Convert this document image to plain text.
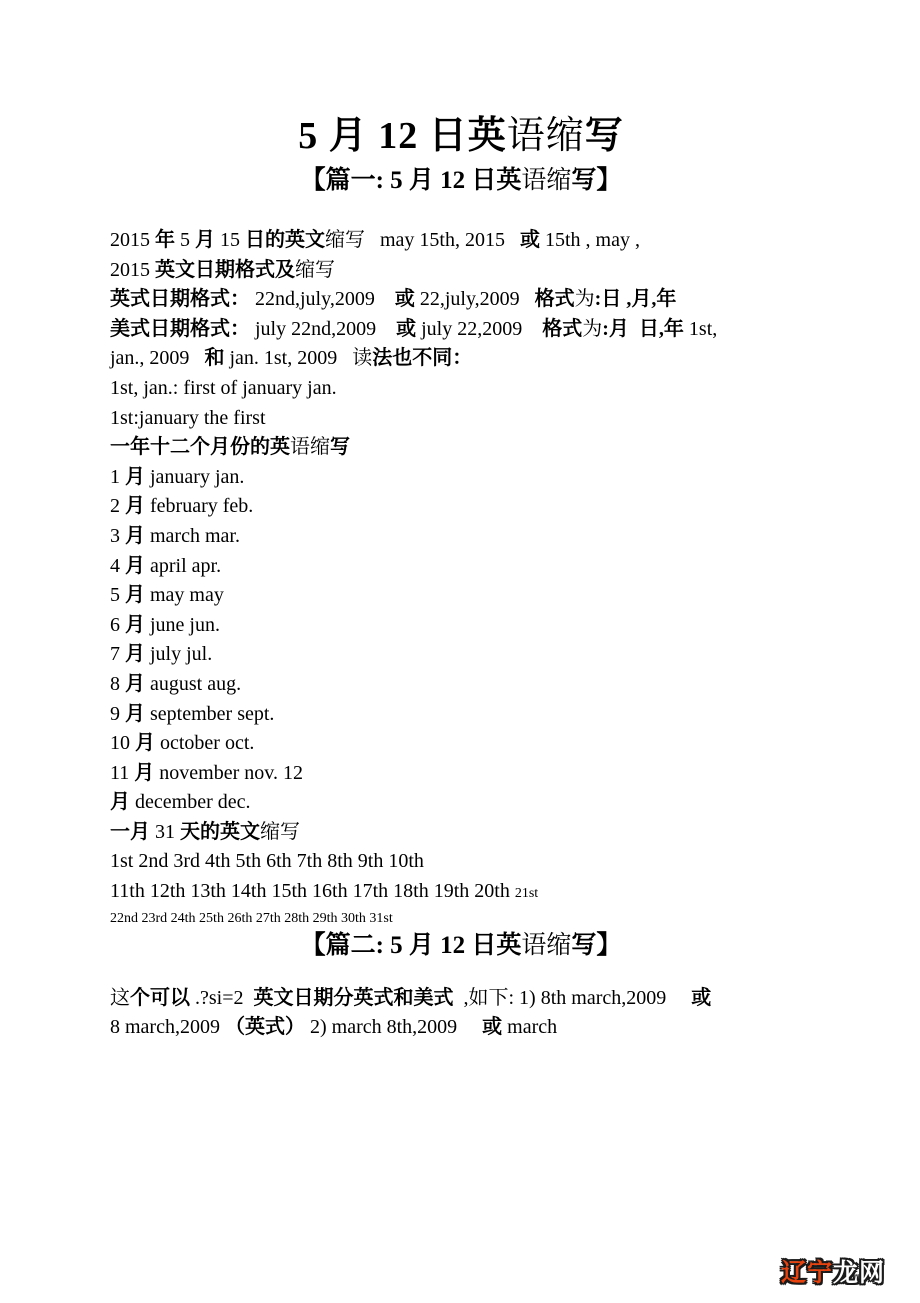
5 月 12 日英语缩写
【篇一: 5 月 12 日英语缩写】
2015 年 5 月 15 日的英文缩写   may 15th, 2015   或 15th , may ,
2015 英文日期格式及缩写
英式日期格式： 22nd,july,2009    或 22,july,2009   格式为:日 ,月,年
美式日期格式： july 22nd,2009    或 july 22,2009    格式为:月  日,年 1st,
jan., 2009   和 jan. 1st, 2009   读法也不同：
1st, jan.: first of january jan.
1st:january the first
一年十二个月份的英语缩写
1 月 january jan.
2 月 february feb.
3 月 march mar.
4 月 april apr.
5 月 may may
6 月 june jun.
7 月 july jul.
8 月 august aug.
9 月 september sept.
10 月 october oct.
11 月 november nov. 12
月 december dec.
一月 31 天的英文缩写
1st 2nd 3rd 4th 5th 6th 7th 8th 9th 10th
11th 12th 13th 14th 15th 16th 17th 18th 19th 20th 21st
22nd 23rd 24th 25th 26th 27th 28th 29th 30th 31st
【篇二: 5 月 12 日英语缩写】
这个可以 .?si=2  英文日期分英式和美式  ,如下: 1) 8th march,2009     或
8 march,2009 （英式） 2) march 8th,2009     或 march
辽宁龙网
